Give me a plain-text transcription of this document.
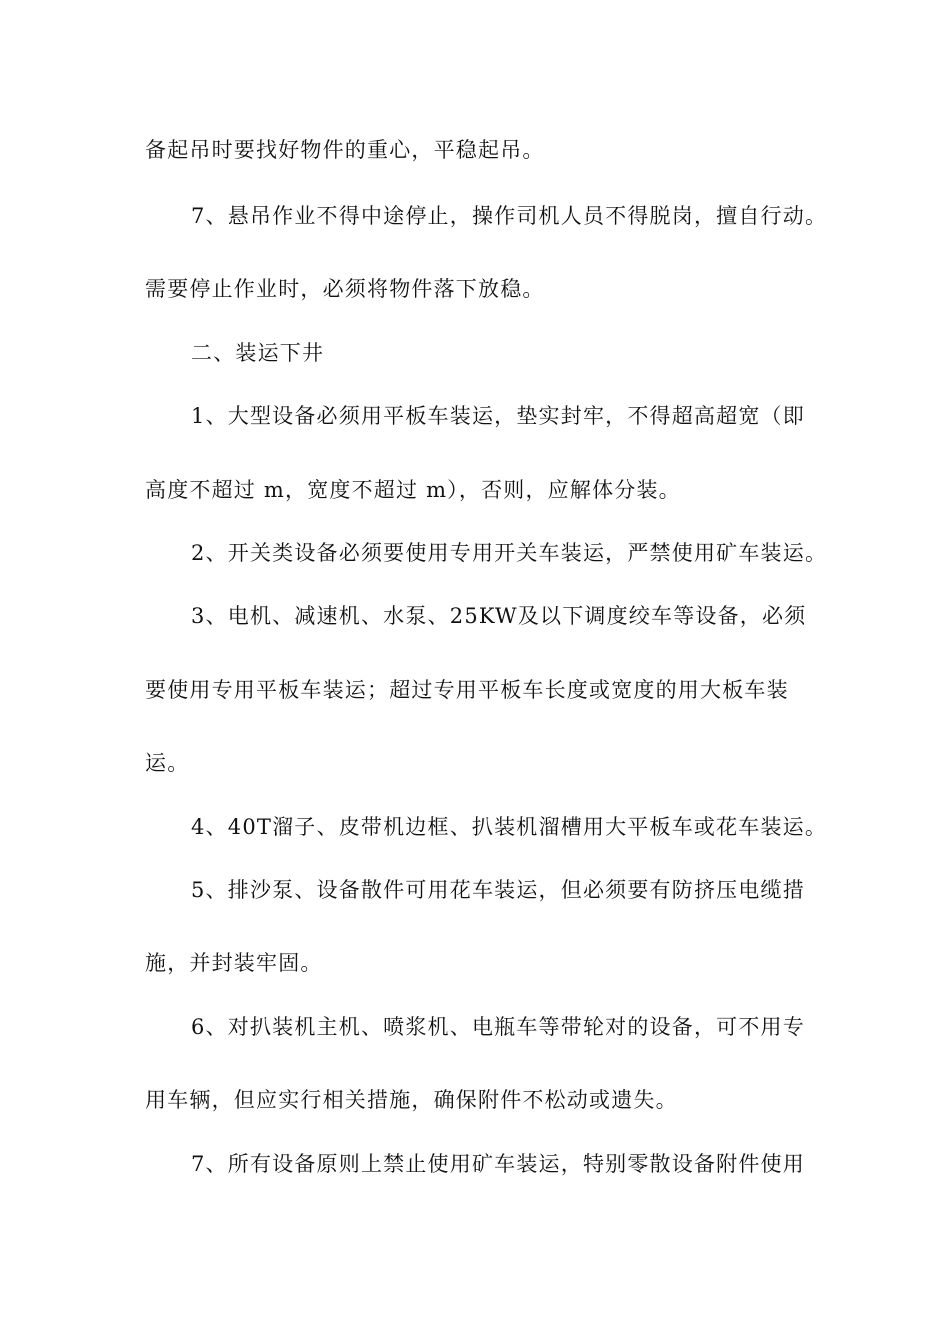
备起吊时要找好物件的重心，平稳起吊。
7、悬吊作业不得中途停止，操作司机人员不得脱岗，擅自行动。
需要停止作业时，必须将物件落下放稳。
二、装运下井
1、大型设备必须用平板车装运，垫实封牢，不得超高超宽（即
高度不超过 m，宽度不超过 m），否则，应解体分装。
2、开关类设备必须要使用专用开关车装运，严禁使用矿车装运。
3、电机、减速机、水泵、25KW及以下调度绞车等设备，必须
要使用专用平板车装运；超过专用平板车长度或宽度的用大板车装
运。
4、40T溜子、皮带机边框、扒装机溜槽用大平板车或花车装运。
5、排沙泵、设备散件可用花车装运，但必须要有防挤压电缆措
施，并封装牢固。
6、对扒装机主机、喷浆机、电瓶车等带轮对的设备，可不用专
用车辆，但应实行相关措施，确保附件不松动或遗失。
7、所有设备原则上禁止使用矿车装运，特别零散设备附件使用
